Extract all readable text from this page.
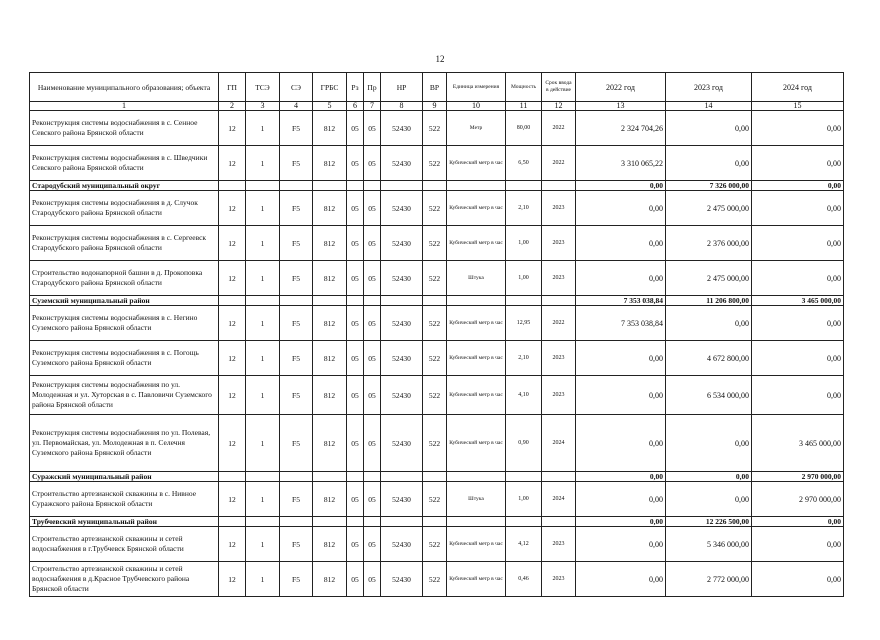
12
Наименование муниципального образования; объекта	ГП	ТСЭ	СЭ	ГРБС	Рз	Пр	НР	ВР	Единица измерения	Мощность	Срок ввода в действие	2022 год	2023 год	2024 год
1	2	3	4	5	6	7	8	9	10	11	12	13	14	15
Реконструкция системы водоснабжения в с. Сенное Севского района Брянской области	12	1	F5	812	05	05	52430	522	Метр	80,00	2022	2 324 704,26	0,00	0,00
Реконструкция системы водоснабжения в с. Шведчики Севского района Брянской области	12	1	F5	812	05	05	52430	522	Кубический метр в час	6,50	2022	3 310 065,22	0,00	0,00
Стародубский муниципальный округ												0,00	7 326 000,00	0,00
Реконструкция системы водоснабжения в д. Случок Стародубского района Брянской области	12	1	F5	812	05	05	52430	522	Кубический метр в час	2,10	2023	0,00	2 475 000,00	0,00
Реконструкция системы водоснабжения в с. Сергеевск Стародубского района Брянской области	12	1	F5	812	05	05	52430	522	Кубический метр в час	1,00	2023	0,00	2 376 000,00	0,00
Строительство водонапорной башни в д. Прокоповка Стародубского района Брянской области	12	1	F5	812	05	05	52430	522	Штука	1,00	2023	0,00	2 475 000,00	0,00
Суземский муниципальный район												7 353 038,84	11 206 800,00	3 465 000,00
Реконструкция системы водоснабжения в с. Негино Суземского района Брянской области	12	1	F5	812	05	05	52430	522	Кубический метр в час	12,95	2022	7 353 038,84	0,00	0,00
Реконструкция системы водоснабжения в с. Погощь Суземского района Брянской области	12	1	F5	812	05	05	52430	522	Кубический метр в час	2,10	2023	0,00	4 672 800,00	0,00
Реконструкция системы водоснабжения по ул. Молодежная и ул. Хуторская в с. Павловичи Суземского района Брянской области	12	1	F5	812	05	05	52430	522	Кубический метр в час	4,10	2023	0,00	6 534 000,00	0,00
Реконструкция системы водоснабжения по ул. Полевая, ул. Первомайская, ул. Молодежная в п. Селечня Суземского района Брянской области	12	1	F5	812	05	05	52430	522	Кубический метр в час	0,90	2024	0,00	0,00	3 465 000,00
Суражский муниципальный район												0,00	0,00	2 970 000,00
Строительство артезианской скважины в с. Нивное Суражского района Брянской области	12	1	F5	812	05	05	52430	522	Штука	1,00	2024	0,00	0,00	2 970 000,00
Трубчевский муниципальный район												0,00	12 226 500,00	0,00
Строительство артезианской скважины и сетей водоснабжения в г.Трубчевск Брянской области	12	1	F5	812	05	05	52430	522	Кубический метр в час	4,12	2023	0,00	5 346 000,00	0,00
Строительство артезианской скважины и сетей водоснабжения в д.Красное Трубчевского района Брянской области	12	1	F5	812	05	05	52430	522	Кубический метр в час	0,46	2023	0,00	2 772 000,00	0,00
